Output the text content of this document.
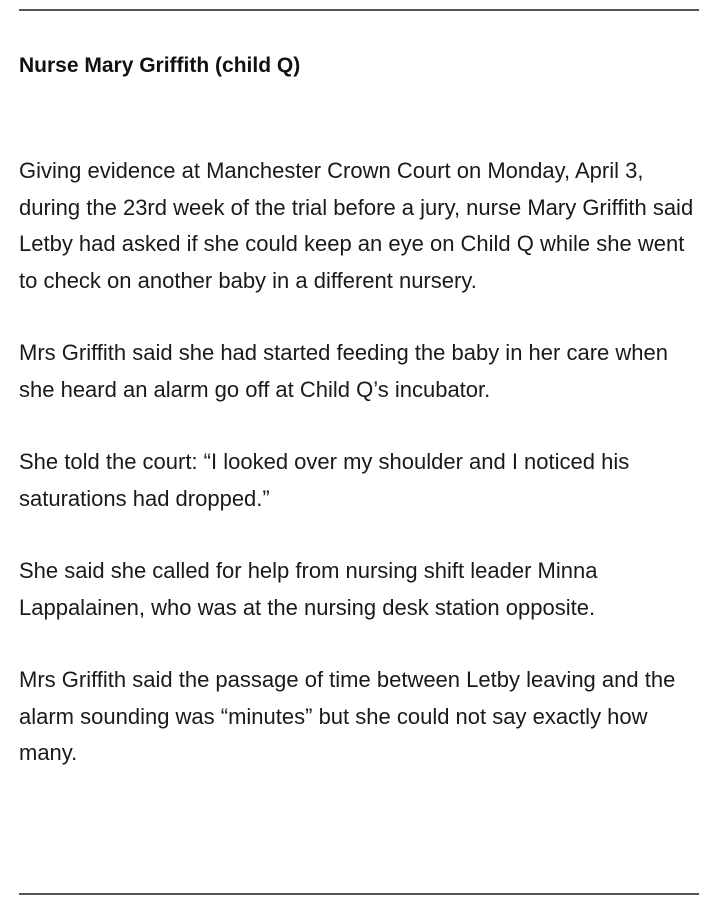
Nurse Mary Griffith (child Q)

Giving evidence at Manchester Crown Court on Monday, April 3, during the 23rd week of the trial before a jury, nurse Mary Griffith said Letby had asked if she could keep an eye on Child Q while she went to check on another baby in a different nursery.

Mrs Griffith said she had started feeding the baby in her care when she heard an alarm go off at Child Q’s incubator.

She told the court: “I looked over my shoulder and I noticed his saturations had dropped.”

She said she called for help from nursing shift leader Minna Lappalainen, who was at the nursing desk station opposite.

Mrs Griffith said the passage of time between Letby leaving and the alarm sounding was “minutes” but she could not say exactly how many.
